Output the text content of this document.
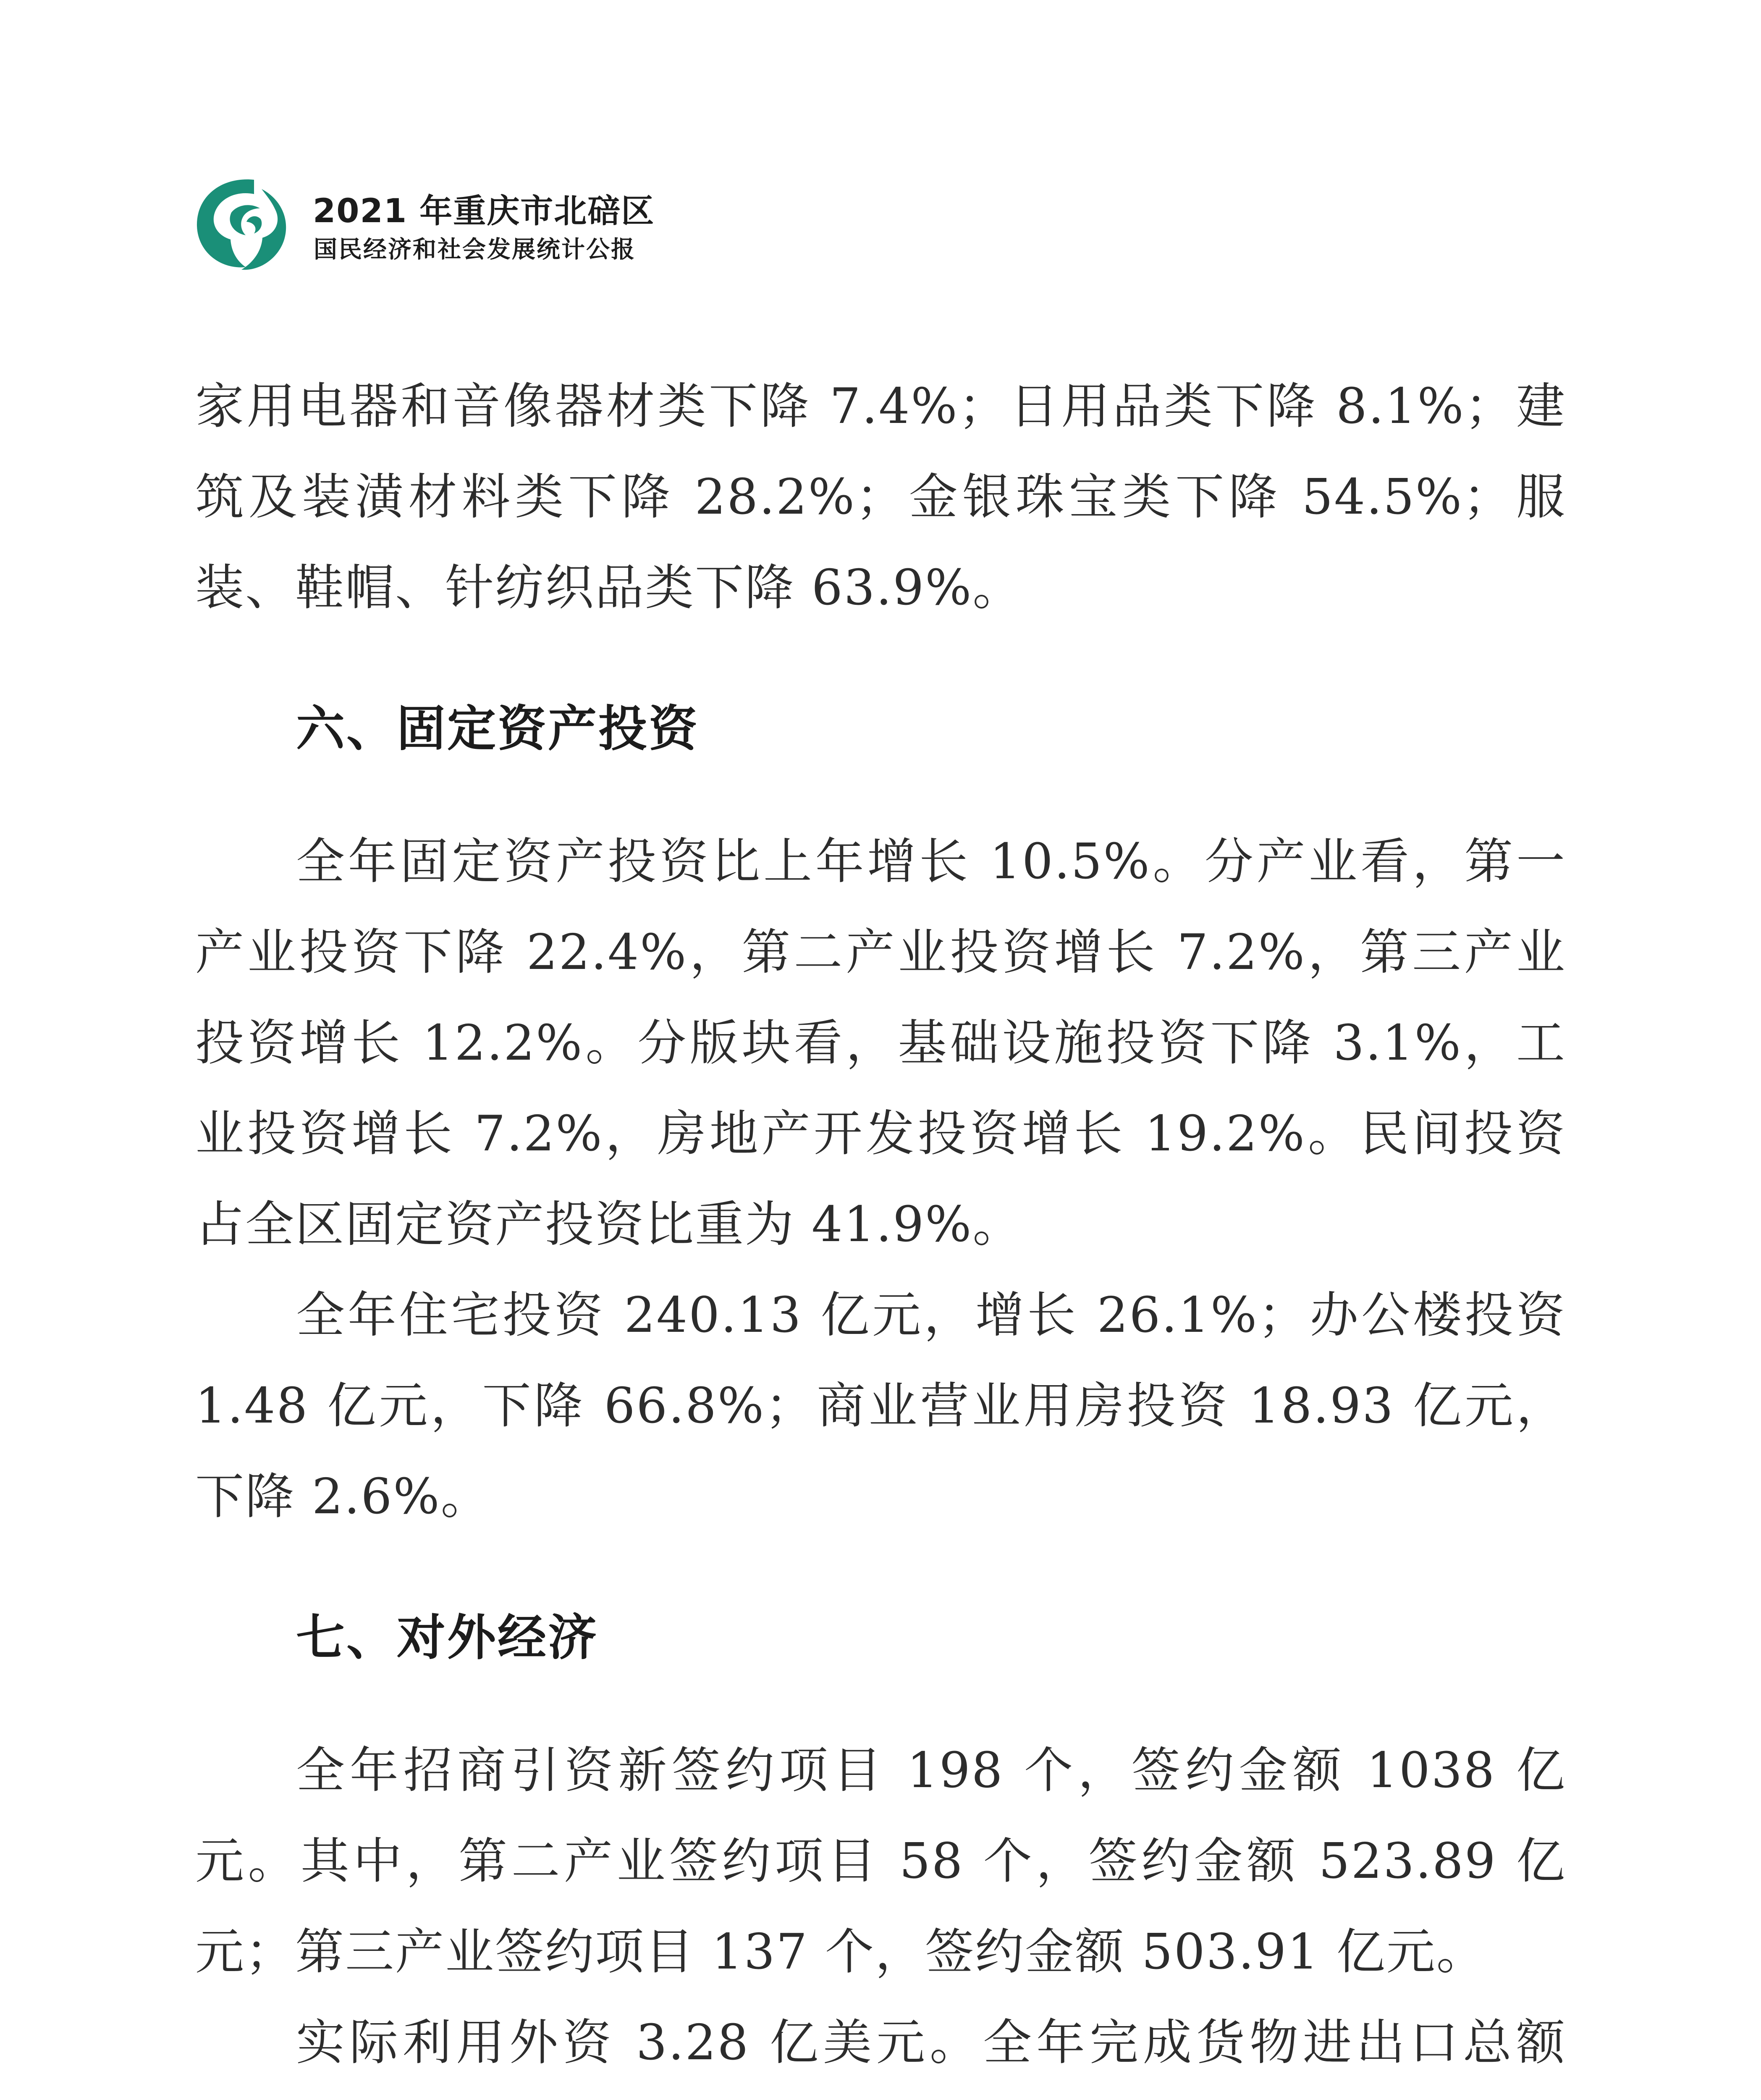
2021 年重庆市北碚区
国民经济和社会发展统计公报

家用电器和音像器材类下降 7.4%；日用品类下降 8.1%；建筑及装潢材料类下降 28.2%；金银珠宝类下降 54.5%；服装、鞋帽、针纺织品类下降 63.9%。

六、固定资产投资

全年固定资产投资比上年增长 10.5%。分产业看，第一产业投资下降 22.4%，第二产业投资增长 7.2%，第三产业投资增长 12.2%。分版块看，基础设施投资下降 3.1%，工业投资增长 7.2%，房地产开发投资增长 19.2%。民间投资占全区固定资产投资比重为 41.9%。

全年住宅投资 240.13 亿元，增长 26.1%；办公楼投资 1.48 亿元，下降 66.8%；商业营业用房投资 18.93 亿元，下降 2.6%。

七、对外经济

全年招商引资新签约项目 198 个，签约金额 1038 亿元。其中，第二产业签约项目 58 个，签约金额 523.89 亿元；第三产业签约项目 137 个，签约金额 503.91 亿元。

实际利用外资 3.28 亿美元。全年完成货物进出口总额
